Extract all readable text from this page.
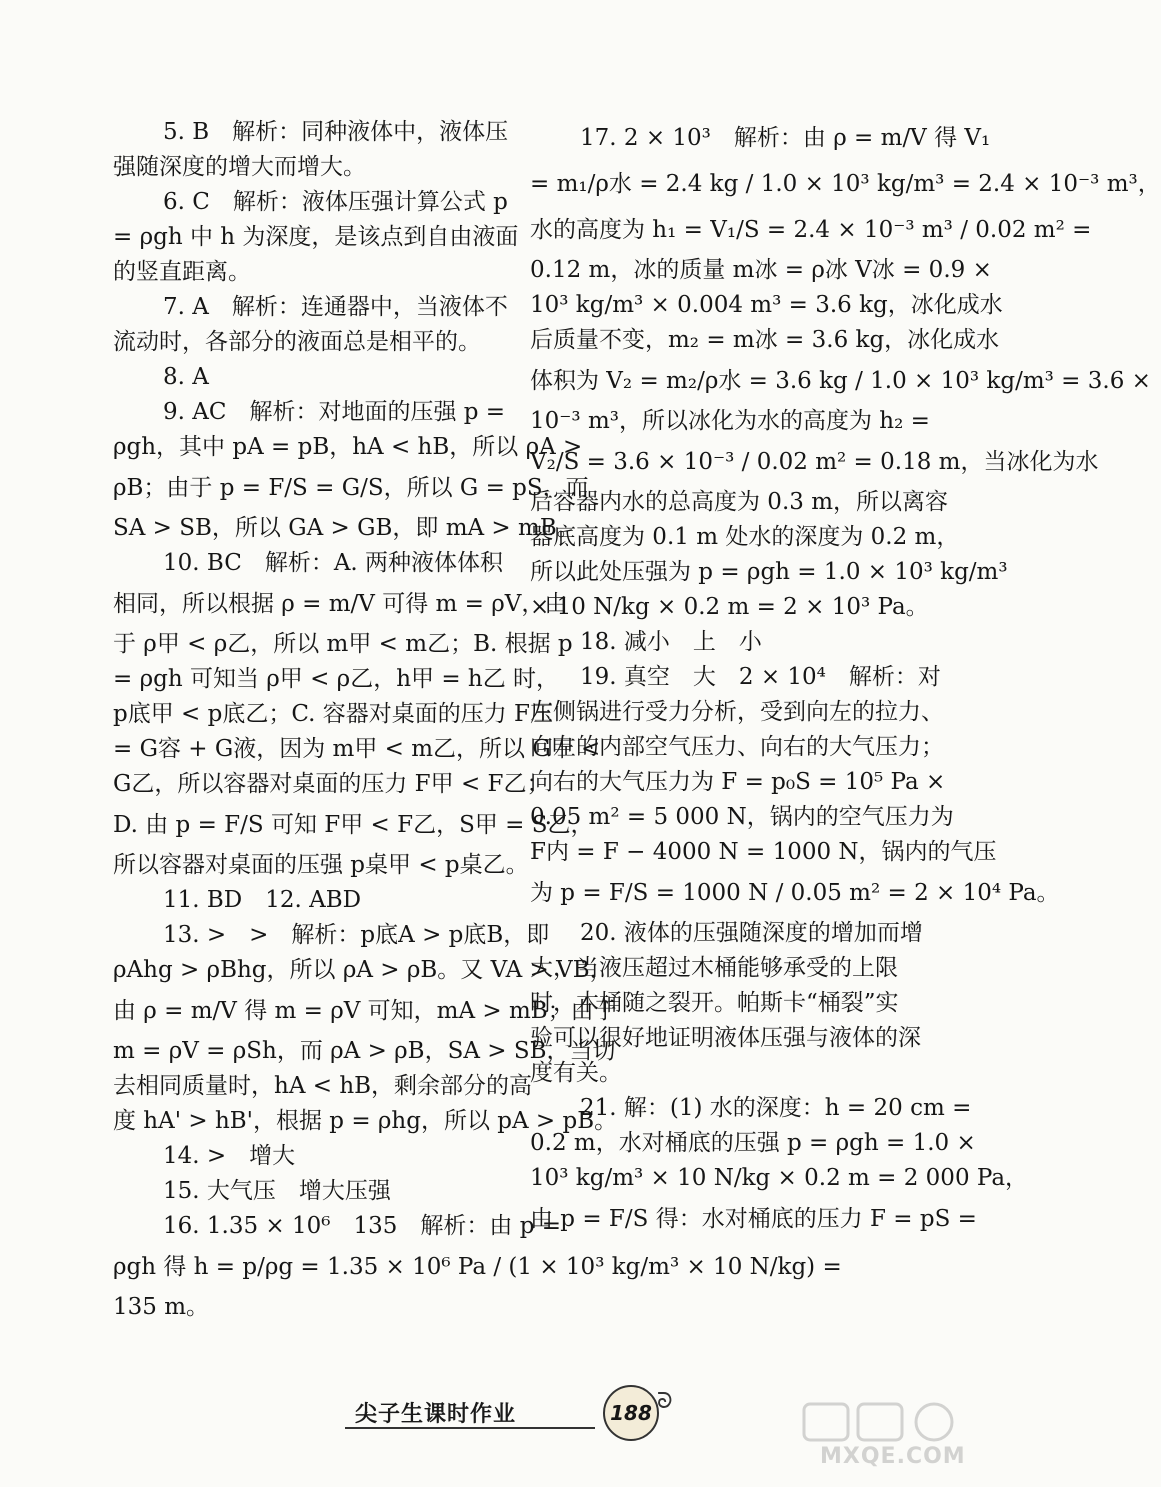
5. B　解析：同种液体中，液体压
强随深度的增大而增大。
6. C　解析：液体压强计算公式 p
= ρgh 中 h 为深度，是该点到自由液面
的竖直距离。
7. A　解析：连通器中，当液体不
流动时，各部分的液面总是相平的。
8. A
9. AC　解析：对地面的压强 p =
ρgh，其中 pA = pB，hA < hB，所以 ρA >
ρB；由于 p = F/S = G/S，所以 G = pS，而
SA > SB，所以 GA > GB，即 mA > mB。
10. BC　解析：A. 两种液体体积
相同，所以根据 ρ = m/V 可得 m = ρV，由
于 ρ甲 < ρ乙，所以 m甲 < m乙；B. 根据 p
= ρgh 可知当 ρ甲 < ρ乙，h甲 = h乙 时，
p底甲 < p底乙；C. 容器对桌面的压力 F压
= G容 + G液，因为 m甲 < m乙，所以 G甲 <
G乙，所以容器对桌面的压力 F甲 < F乙；
D. 由 p = F/S 可知 F甲 < F乙，S甲 = S乙，
所以容器对桌面的压强 p桌甲 < p桌乙。
11. BD　12. ABD
13. >　>　解析：p底A > p底B，即
ρAhg > ρBhg，所以 ρA > ρB。又 VA > VB，
由 ρ = m/V 得 m = ρV 可知，mA > mB；由于
m = ρV = ρSh，而 ρA > ρB，SA > SB，当切
去相同质量时，hA < hB，剩余部分的高
度 hA' > hB'，根据 p = ρhg，所以 pA > pB。
14. >　增大
15. 大气压　增大压强
16. 1.35 × 10⁶　135　解析：由 p =
ρgh 得 h = p/ρg = 1.35 × 10⁶ Pa / (1 × 10³ kg/m³ × 10 N/kg) =
135 m。
17. 2 × 10³　解析：由 ρ = m/V 得 V₁
= m₁/ρ水 = 2.4 kg / 1.0 × 10³ kg/m³ = 2.4 × 10⁻³ m³，
水的高度为 h₁ = V₁/S = 2.4 × 10⁻³ m³ / 0.02 m² =
0.12 m，冰的质量 m冰 = ρ冰 V冰 = 0.9 ×
10³ kg/m³ × 0.004 m³ = 3.6 kg，冰化成水
后质量不变，m₂ = m冰 = 3.6 kg，冰化成水
体积为 V₂ = m₂/ρ水 = 3.6 kg / 1.0 × 10³ kg/m³ = 3.6 ×
10⁻³ m³，所以冰化为水的高度为 h₂ =
V₂/S = 3.6 × 10⁻³ / 0.02 m² = 0.18 m，当冰化为水
后容器内水的总高度为 0.3 m，所以离容
器底高度为 0.1 m 处水的深度为 0.2 m，
所以此处压强为 p = ρgh = 1.0 × 10³ kg/m³
× 10 N/kg × 0.2 m = 2 × 10³ Pa。
18. 减小　上　小
19. 真空　大　2 × 10⁴　解析：对
左侧锅进行受力分析，受到向左的拉力、
向左的内部空气压力、向右的大气压力；
向右的大气压力为 F = p₀S = 10⁵ Pa ×
0.05 m² = 5 000 N，锅内的空气压力为
F内 = F − 4000 N = 1000 N，锅内的气压
为 p = F/S = 1000 N / 0.05 m² = 2 × 10⁴ Pa。
20. 液体的压强随深度的增加而增
大，当液压超过木桶能够承受的上限
时，木桶随之裂开。帕斯卡“桶裂”实
验可以很好地证明液体压强与液体的深
度有关。
21. 解：(1) 水的深度：h = 20 cm =
0.2 m，水对桶底的压强 p = ρgh = 1.0 ×
10³ kg/m³ × 10 N/kg × 0.2 m = 2 000 Pa，
由 p = F/S 得：水对桶底的压力 F = pS =
尖子生课时作业	188 ᘐ
MXQE.COM
